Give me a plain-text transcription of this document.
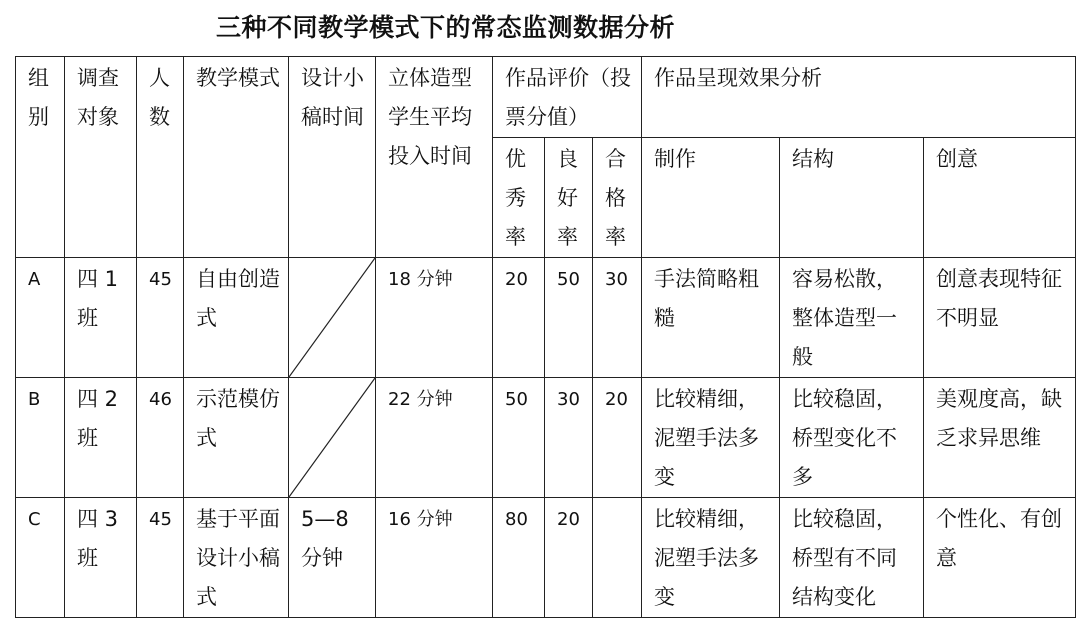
三种不同教学模式下的常态监测数据分析
组别	调查对象	人数	教学模式	设计小稿时间	立体造型学生平均投入时间	作品评价（投票分值）			作品呈现效果分析		
						优秀率	良好率	合格率	制作	结构	创意
A	四 1 班	45	自由创造式		18 分钟	20	50	30	手法简略粗糙	容易松散，整体造型一般	创意表现特征不明显
B	四 2 班	46	示范模仿式		22 分钟	50	30	20	比较精细，泥塑手法多变	比较稳固，桥型变化不多	美观度高，缺乏求异思维
C	四 3 班	45	基于平面设计小稿式	5—8 分钟	16 分钟	80	20		比较精细，泥塑手法多变	比较稳固，桥型有不同结构变化	个性化、有创意
